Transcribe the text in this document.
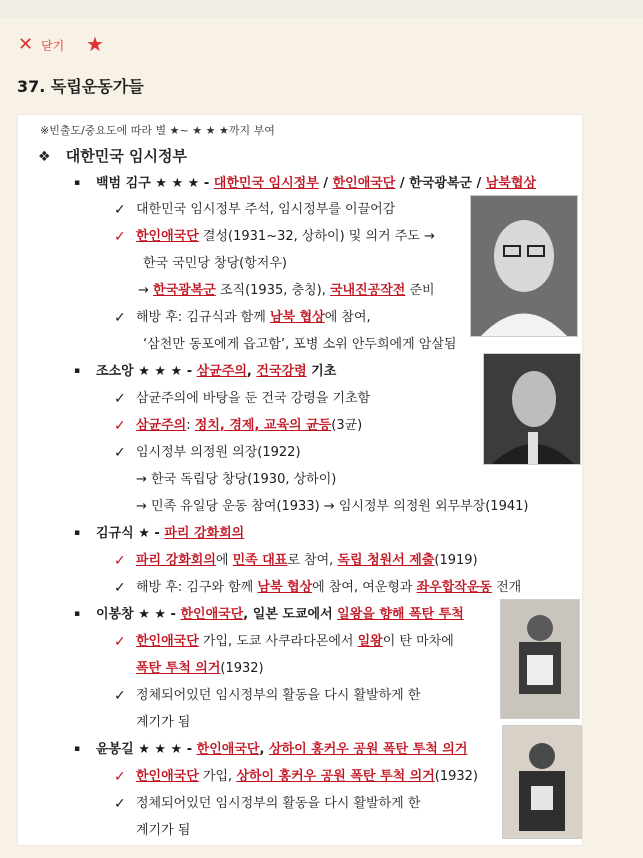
✕ 닫기 ★
37. 독립운동가들
※빈출도/중요도에 따라 별 ★~ ★ ★ ★까지 부여
❖ 대한민국 임시정부
▪ 백범 김구 ★ ★ ★ - 대한민국 임시정부 / 한인애국단 / 한국광복군 / 남북협상
✓ 대한민국 임시정부 주석, 임시정부를 이끌어감
✓ 한인애국단 결성(1931~32, 상하이) 및 의거 주도 →
한국 국민당 창당(항저우)
→ 한국광복군 조직(1935, 충칭), 국내진공작전 준비
✓ 해방 후: 김규식과 함께 남북 협상에 참여,
‘삼천만 동포에게 읍고함’, 포병 소위 안두희에게 암살됨
▪ 조소앙 ★ ★ ★ - 삼균주의, 건국강령 기초
✓ 삼균주의에 바탕을 둔 건국 강령을 기초함
✓ 삼균주의: 정치, 경제, 교육의 균등(3균)
✓ 임시정부 의정원 의장(1922)
→ 한국 독립당 창당(1930, 상하이)
→ 민족 유일당 운동 참여(1933) → 임시정부 의정원 외무부장(1941)
▪ 김규식 ★ - 파리 강화회의
✓ 파리 강화회의에 민족 대표로 참여, 독립 청원서 제출(1919)
✓ 해방 후: 김구와 함께 남북 협상에 참여, 여운형과 좌우합작운동 전개
▪ 이봉창 ★ ★ - 한인애국단, 일본 도쿄에서 일왕을 향해 폭탄 투척
✓ 한인애국단 가입, 도쿄 사쿠라다몬에서 일왕이 탄 마차에
폭탄 투척 의거(1932)
✓ 정체되어있던 임시정부의 활동을 다시 활발하게 한
계기가 됨
▪ 윤봉길 ★ ★ ★ - 한인애국단, 상하이 홍커우 공원 폭탄 투척 의거
✓ 한인애국단 가입, 상하이 홍커우 공원 폭탄 투척 의거(1932)
✓ 정체되어있던 임시정부의 활동을 다시 활발하게 한
계기가 됨
